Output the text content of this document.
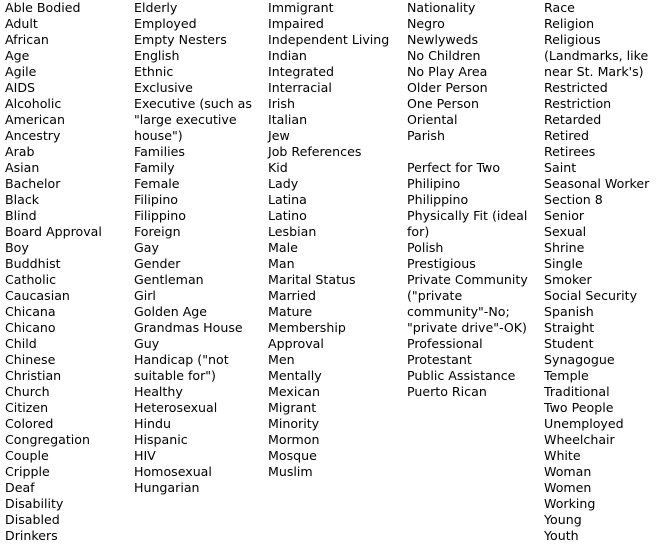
Able Bodied
Adult
African
Age
Agile
AIDS
Alcoholic
American
Ancestry
Arab
Asian
Bachelor
Black
Blind
Board Approval
Boy
Buddhist
Catholic
Caucasian
Chicana
Chicano
Child
Chinese
Christian
Church
Citizen
Colored
Congregation
Couple
Cripple
Deaf
Disability
Disabled
Drinkers
Elderly
Employed
Empty Nesters
English
Ethnic
Exclusive
Executive (such as
"large executive
house")
Families
Family
Female
Filipino
Filippino
Foreign
Gay
Gender
Gentleman
Girl
Golden Age
Grandmas House
Guy
Handicap ("not
suitable for")
Healthy
Heterosexual
Hindu
Hispanic
HIV
Homosexual
Hungarian
Immigrant
Impaired
Independent Living
Indian
Integrated
Interracial
Irish
Italian
Jew
Job References
Kid
Lady
Latina
Latino
Lesbian
Male
Man
Marital Status
Married
Mature
Membership
Approval
Men
Mentally
Mexican
Migrant
Minority
Mormon
Mosque
Muslim
Nationality
Negro
Newlyweds
No Children
No Play Area
Older Person
One Person
Oriental
Parish
Perfect for Two
Philipino
Philippino
Physically Fit (ideal
for)
Polish
Prestigious
Private Community
("private
community"-No;
"private drive"-OK)
Professional
Protestant
Public Assistance
Puerto Rican
Race
Religion
Religious
(Landmarks, like
near St. Mark's)
Restricted
Restriction
Retarded
Retired
Retirees
Saint
Seasonal Worker
Section 8
Senior
Sexual
Shrine
Single
Smoker
Social Security
Spanish
Straight
Student
Synagogue
Temple
Traditional
Two People
Unemployed
Wheelchair
White
Woman
Women
Working
Young
Youth
